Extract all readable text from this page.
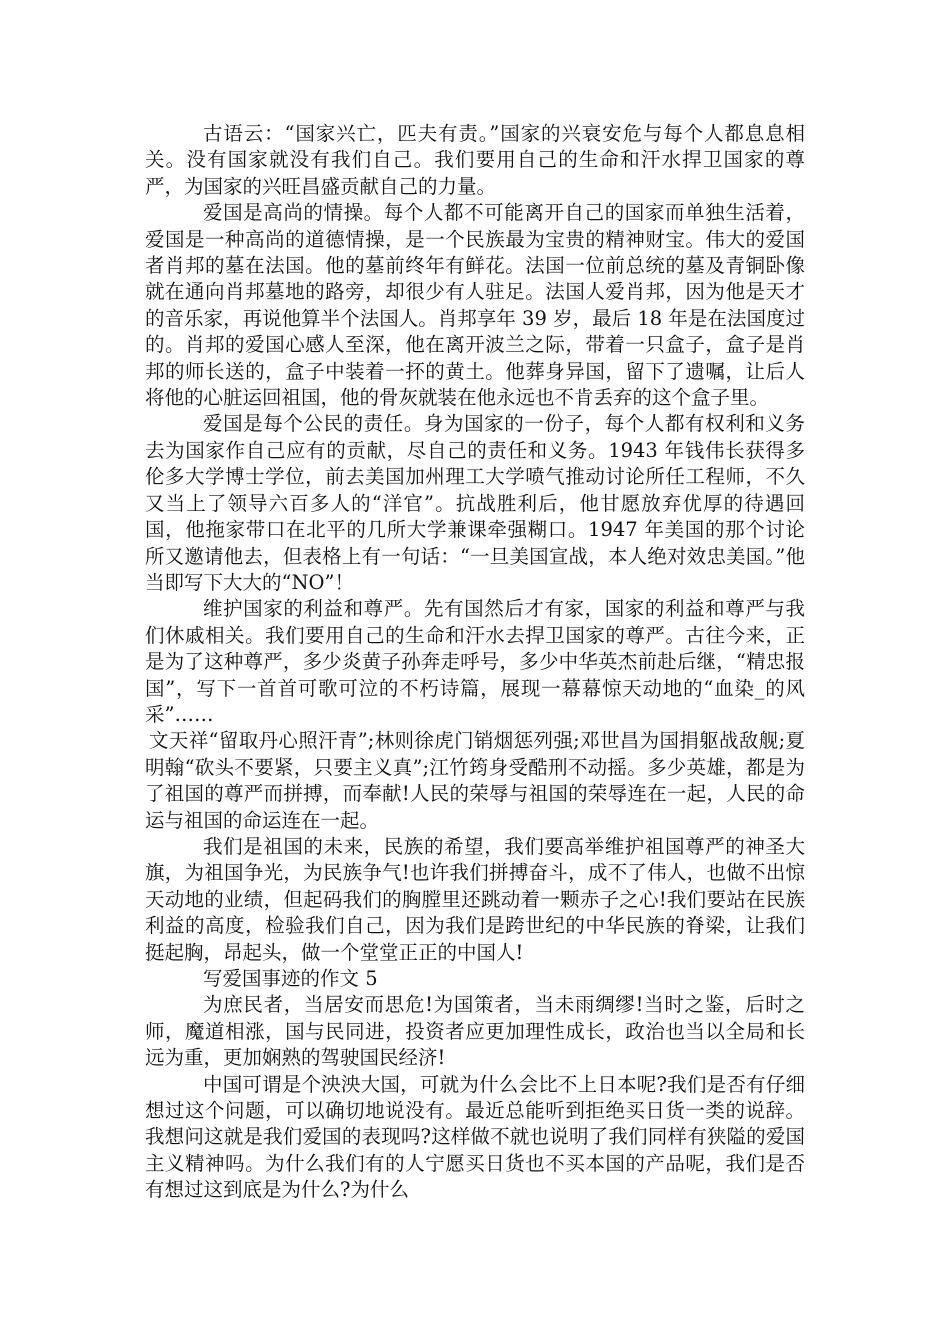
古语云：“国家兴亡，匹夫有责。”国家的兴衰安危与每个人都息息相关。没有国家就没有我们自己。我们要用自己的生命和汗水捍卫国家的尊严，为国家的兴旺昌盛贡献自己的力量。

爱国是高尚的情操。每个人都不可能离开自己的国家而单独生活着，爱国是一种高尚的道德情操，是一个民族最为宝贵的精神财宝。伟大的爱国者肖邦的墓在法国。他的墓前终年有鲜花。法国一位前总统的墓及青铜卧像就在通向肖邦墓地的路旁，却很少有人驻足。法国人爱肖邦，因为他是天才的音乐家，再说他算半个法国人。肖邦享年 39 岁，最后 18 年是在法国度过的。肖邦的爱国心感人至深，他在离开波兰之际，带着一只盒子，盒子是肖邦的师长送的，盒子中装着一抔的黄土。他葬身异国，留下了遗嘱，让后人将他的心脏运回祖国，他的骨灰就装在他永远也不肯丢弃的这个盒子里。

爱国是每个公民的责任。身为国家的一份子，每个人都有权利和义务去为国家作自己应有的贡献，尽自己的责任和义务。1943 年钱伟长获得多伦多大学博士学位，前去美国加州理工大学喷气推动讨论所任工程师，不久又当上了领导六百多人的“洋官”。抗战胜利后，他甘愿放弃优厚的待遇回国，他拖家带口在北平的几所大学兼课牵强糊口。1947 年美国的那个讨论所又邀请他去，但表格上有一句话：“一旦美国宣战，本人绝对效忠美国。”他当即写下大大的“NO”！

维护国家的利益和尊严。先有国然后才有家，国家的利益和尊严与我们休戚相关。我们要用自己的生命和汗水去捍卫国家的尊严。古往今来，正是为了这种尊严，多少炎黄子孙奔走呼号，多少中华英杰前赴后继，“精忠报国”，写下一首首可歌可泣的不朽诗篇，展现一幕幕惊天动地的“血染_的风采”……

文天祥“留取丹心照汗青”;林则徐虎门销烟惩列强;邓世昌为国捐躯战敌舰;夏明翰“砍头不要紧，只要主义真”;江竹筠身受酷刑不动摇。多少英雄，都是为了祖国的尊严而拼搏，而奉献!人民的荣辱与祖国的荣辱连在一起，人民的命运与祖国的命运连在一起。

我们是祖国的未来，民族的希望，我们要高举维护祖国尊严的神圣大旗，为祖国争光，为民族争气!也许我们拼搏奋斗，成不了伟人，也做不出惊天动地的业绩，但起码我们的胸膛里还跳动着一颗赤子之心!我们要站在民族利益的高度，检验我们自己，因为我们是跨世纪的中华民族的脊梁，让我们挺起胸，昂起头，做一个堂堂正正的中国人!

写爱国事迹的作文 5

为庶民者，当居安而思危!为国策者，当未雨绸缪!当时之鉴，后时之师，魔道相涨，国与民同进，投资者应更加理性成长，政治也当以全局和长远为重，更加娴熟的驾驶国民经济!

中国可谓是个泱泱大国，可就为什么会比不上日本呢?我们是否有仔细想过这个问题，可以确切地说没有。最近总能听到拒绝买日货一类的说辞。我想问这就是我们爱国的表现吗?这样做不就也说明了我们同样有狭隘的爱国主义精神吗。为什么我们有的人宁愿买日货也不买本国的产品呢，我们是否有想过这到底是为什么?为什么
